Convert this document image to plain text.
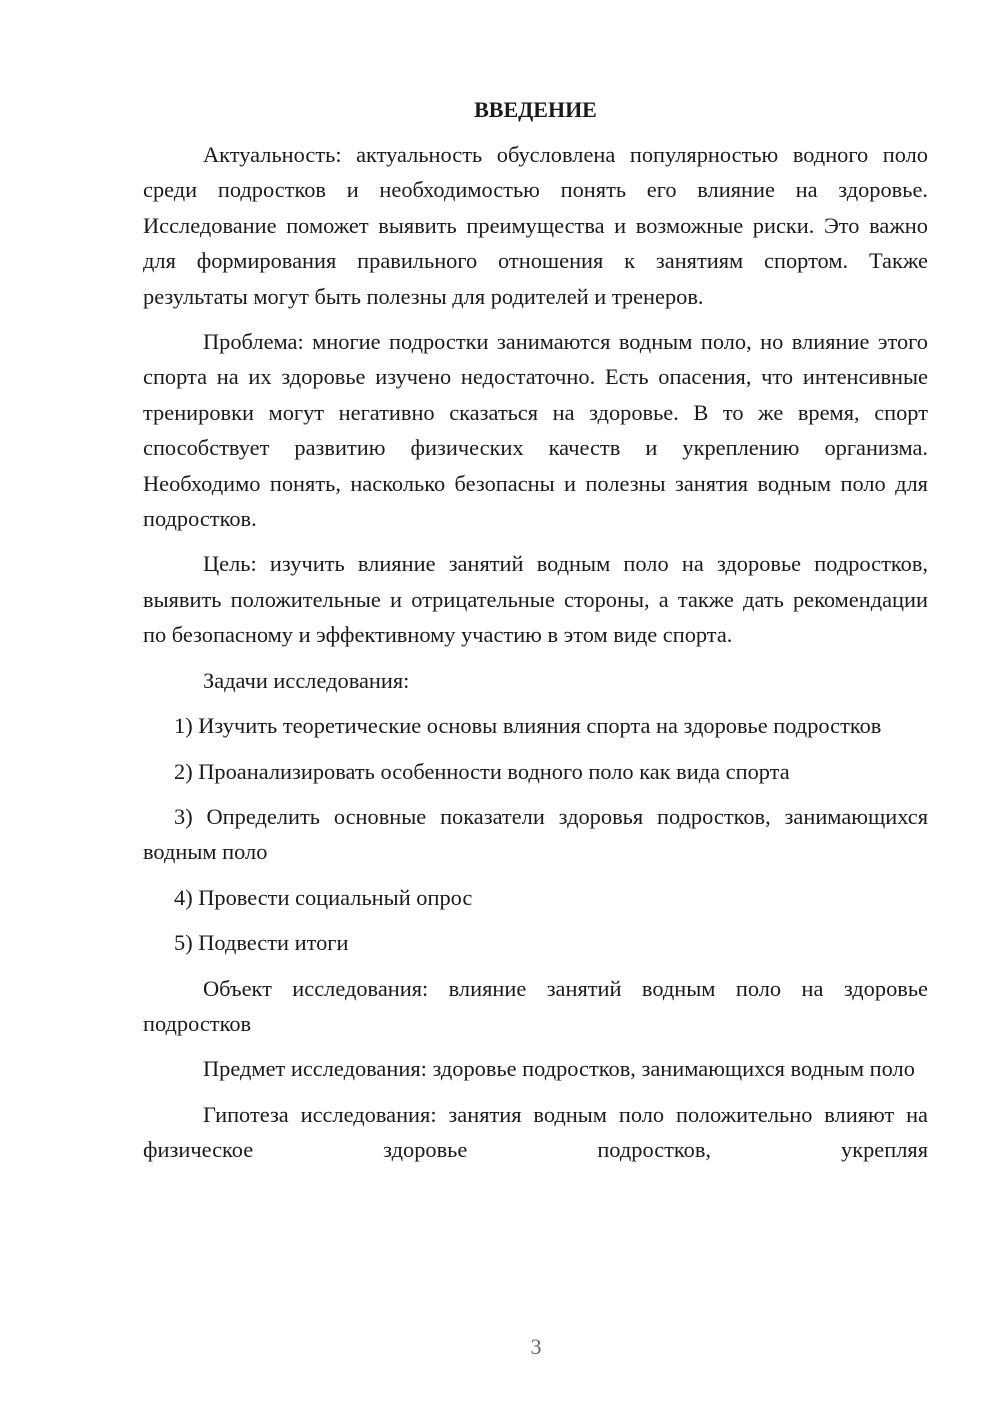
ВВЕДЕНИЕ

Актуальность: актуальность обусловлена популярностью водного поло среди подростков и необходимостью понять его влияние на здоровье. Исследование поможет выявить преимущества и возможные риски. Это важно для формирования правильного отношения к занятиям спортом. Также результаты могут быть полезны для родителей и тренеров.

Проблема: многие подростки занимаются водным поло, но влияние этого спорта на их здоровье изучено недостаточно. Есть опасения, что интенсивные тренировки могут негативно сказаться на здоровье. В то же время, спорт способствует развитию физических качеств и укреплению организма. Необходимо понять, насколько безопасны и полезны занятия водным поло для подростков.

Цель: изучить влияние занятий водным поло на здоровье подростков, выявить положительные и отрицательные стороны, а также дать рекомендации по безопасному и эффективному участию в этом виде спорта.

Задачи исследования:

1) Изучить теоретические основы влияния спорта на здоровье подростков

2) Проанализировать особенности водного поло как вида спорта

3) Определить основные показатели здоровья подростков, занимающихся водным поло

4) Провести социальный опрос

5) Подвести итоги

Объект исследования: влияние занятий водным поло на здоровье подростков

Предмет исследования: здоровье подростков, занимающихся водным поло

Гипотеза исследования: занятия водным поло положительно влияют на физическое здоровье подростков, укрепляя

3
